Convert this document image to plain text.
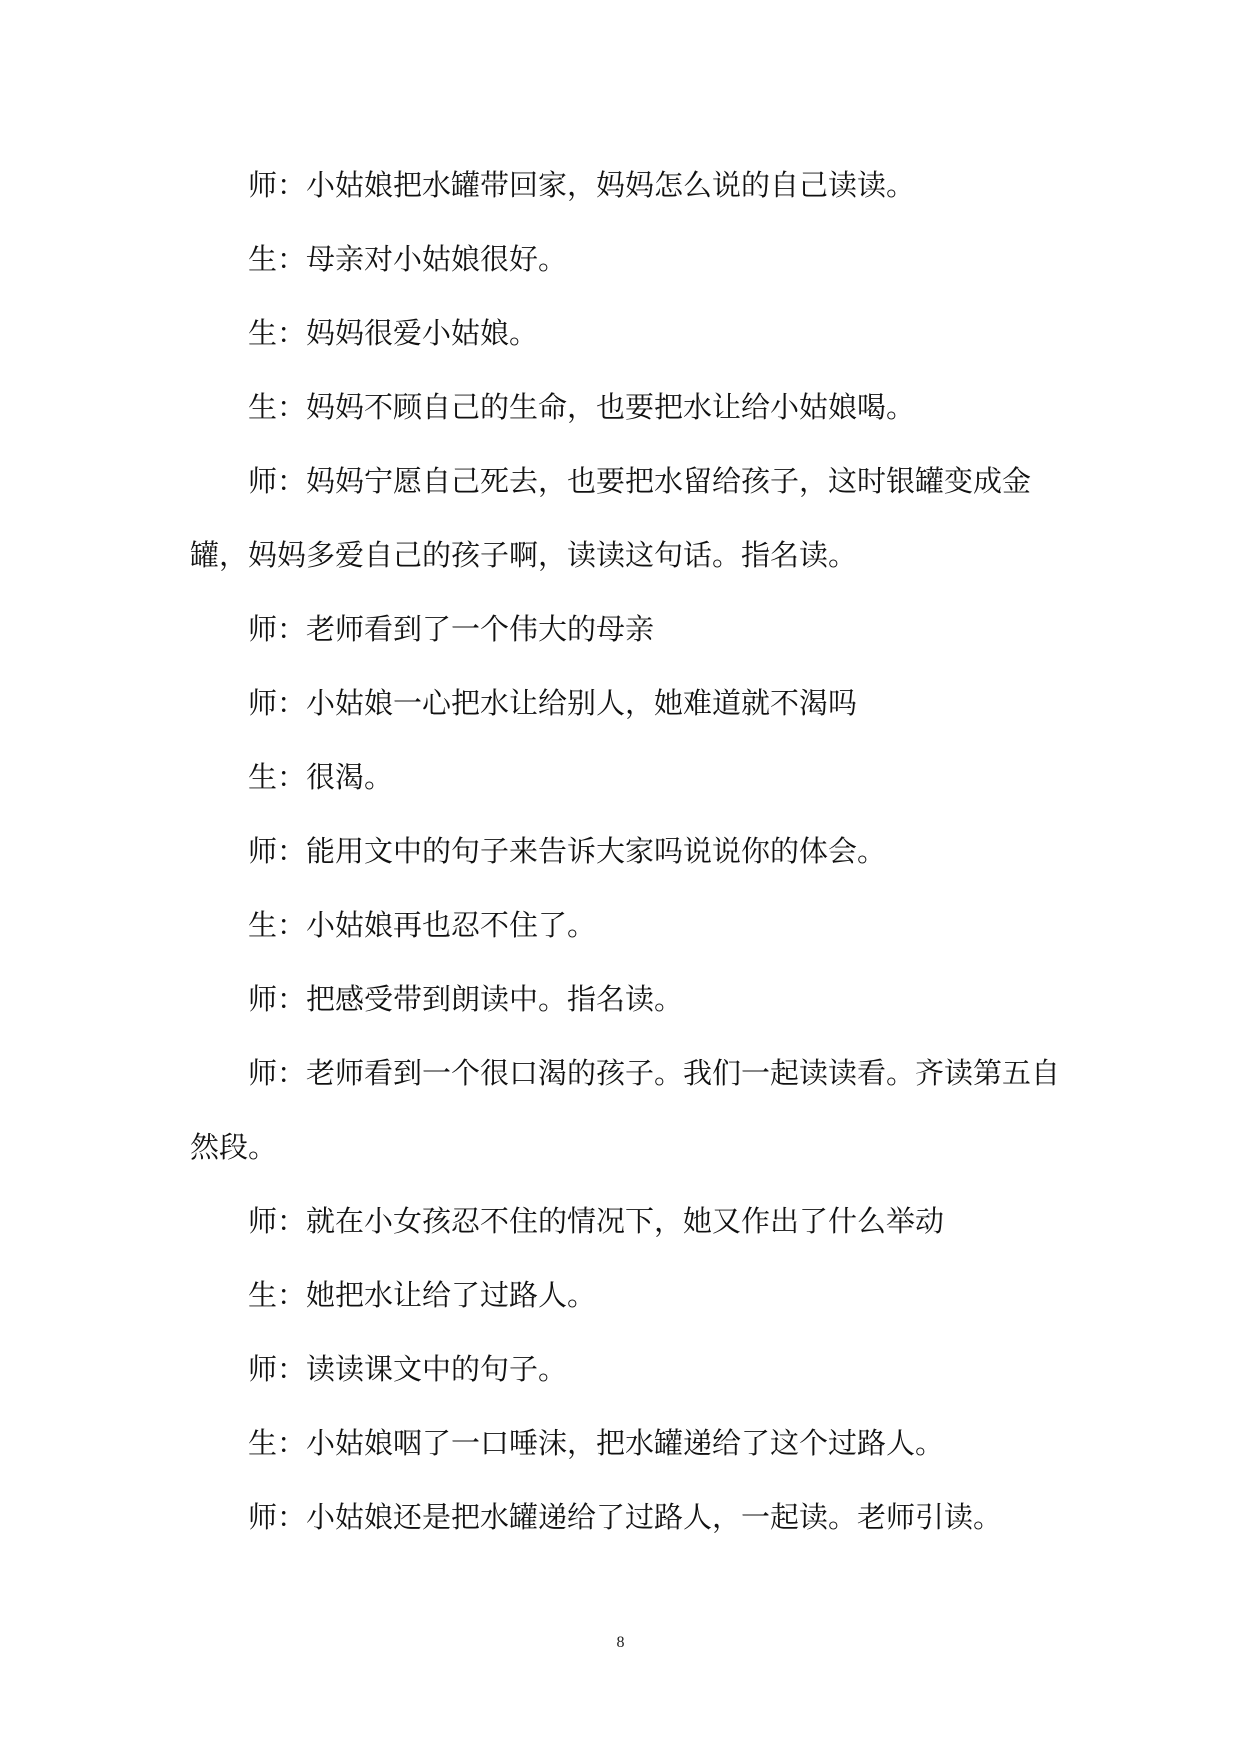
师：小姑娘把水罐带回家，妈妈怎么说的自己读读。

生：母亲对小姑娘很好。

生：妈妈很爱小姑娘。

生：妈妈不顾自己的生命，也要把水让给小姑娘喝。

师：妈妈宁愿自己死去，也要把水留给孩子，这时银罐变成金罐，妈妈多爱自己的孩子啊，读读这句话。指名读。

师：老师看到了一个伟大的母亲

师：小姑娘一心把水让给别人，她难道就不渴吗

生：很渴。

师：能用文中的句子来告诉大家吗说说你的体会。

生：小姑娘再也忍不住了。

师：把感受带到朗读中。指名读。

师：老师看到一个很口渴的孩子。我们一起读读看。齐读第五自然段。

师：就在小女孩忍不住的情况下，她又作出了什么举动

生：她把水让给了过路人。

师：读读课文中的句子。

生：小姑娘咽了一口唾沫，把水罐递给了这个过路人。

师：小姑娘还是把水罐递给了过路人，一起读。老师引读。

8
